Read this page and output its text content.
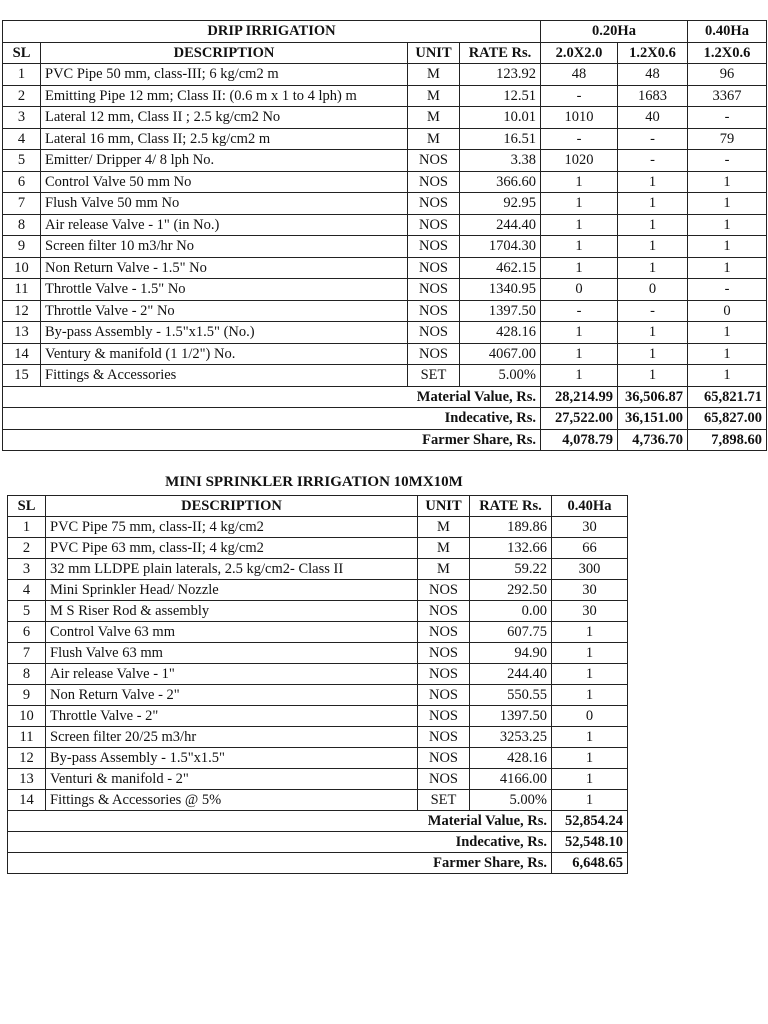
DRIP IRRIGATION				0.20Ha		0.40Ha
SL	DESCRIPTION	UNIT	RATE Rs.	2.0X2.0	1.2X0.6	1.2X0.6
1	PVC Pipe 50 mm, class-III; 6 kg/cm2 m	M	123.92	48	48	96
2	Emitting Pipe 12 mm; Class II: (0.6 m x 1 to 4 lph) m	M	12.51	-	1683	3367
3	Lateral 12 mm, Class II ; 2.5 kg/cm2 No	M	10.01	1010	40	-
4	Lateral 16 mm, Class II; 2.5 kg/cm2 m	M	16.51	-	-	79
5	Emitter/ Dripper 4/ 8 lph No.	NOS	3.38	1020	-	-
6	Control Valve 50 mm No	NOS	366.60	1	1	1
7	Flush Valve 50 mm No	NOS	92.95	1	1	1
8	Air release Valve - 1" (in No.)	NOS	244.40	1	1	1
9	Screen filter 10 m3/hr No	NOS	1704.30	1	1	1
10	Non Return Valve - 1.5" No	NOS	462.15	1	1	1
11	Throttle Valve - 1.5" No	NOS	1340.95	0	0	-
12	Throttle Valve - 2" No	NOS	1397.50	-	-	0
13	By-pass Assembly - 1.5"x1.5" (No.)	NOS	428.16	1	1	1
14	Ventury & manifold (1 1/2") No.	NOS	4067.00	1	1	1
15	Fittings & Accessories	SET	5.00%	1	1	1
Material Value, Rs.				28,214.99	36,506.87	65,821.71
Indecative, Rs.				27,522.00	36,151.00	65,827.00
Farmer Share, Rs.				4,078.79	4,736.70	7,898.60
MINI SPRINKLER IRRIGATION 10MX10M
SL	DESCRIPTION	UNIT	RATE Rs.	0.40Ha
1	PVC Pipe 75 mm, class-II; 4 kg/cm2	M	189.86	30
2	PVC Pipe 63 mm, class-II; 4 kg/cm2	M	132.66	66
3	32 mm LLDPE plain laterals, 2.5 kg/cm2- Class II	M	59.22	300
4	Mini Sprinkler Head/ Nozzle	NOS	292.50	30
5	M S Riser Rod & assembly	NOS	0.00	30
6	Control Valve 63 mm	NOS	607.75	1
7	Flush Valve 63 mm	NOS	94.90	1
8	Air release Valve - 1"	NOS	244.40	1
9	Non Return Valve - 2"	NOS	550.55	1
10	Throttle Valve - 2"	NOS	1397.50	0
11	Screen filter 20/25 m3/hr	NOS	3253.25	1
12	By-pass Assembly - 1.5"x1.5"	NOS	428.16	1
13	Venturi & manifold - 2"	NOS	4166.00	1
14	Fittings & Accessories @ 5%	SET	5.00%	1
Material Value, Rs.				52,854.24
Indecative, Rs.				52,548.10
Farmer Share, Rs.				6,648.65
